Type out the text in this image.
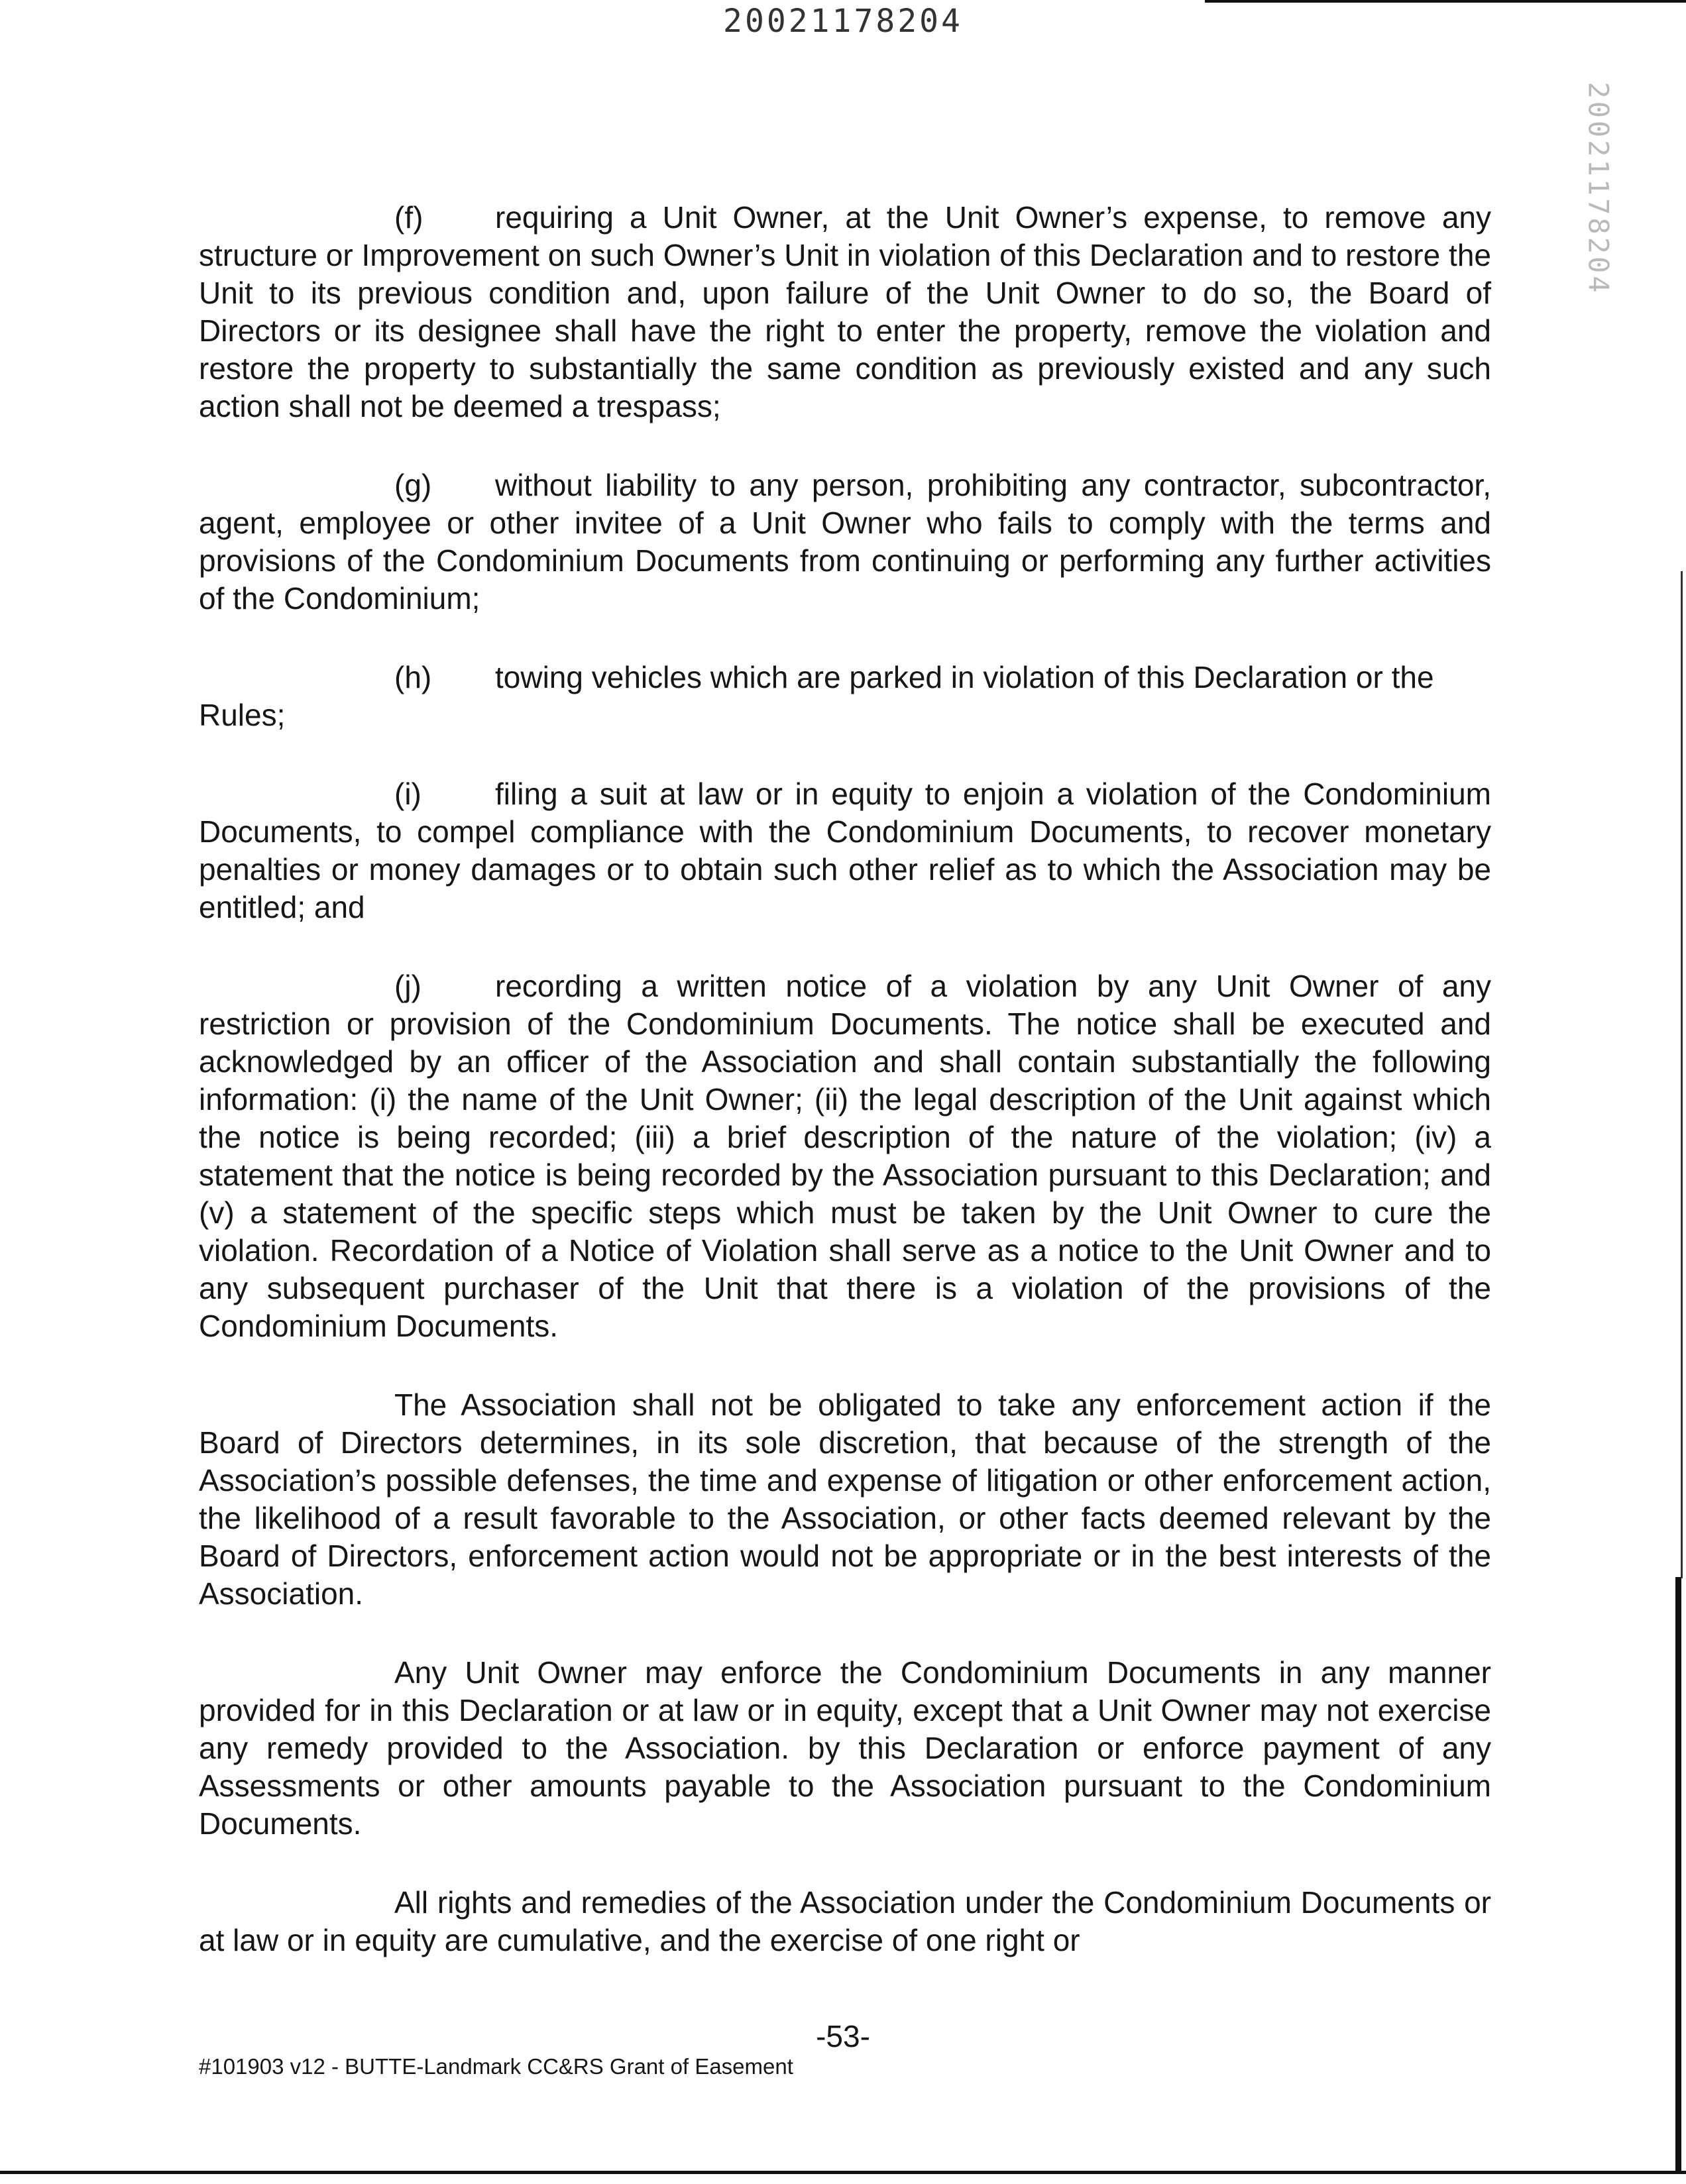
20021178204
20021178204

(f) requiring a Unit Owner, at the Unit Owner’s expense, to remove any structure or Improvement on such Owner’s Unit in violation of this Declaration and to restore the Unit to its previous condition and, upon failure of the Unit Owner to do so, the Board of Directors or its designee shall have the right to enter the property, remove the violation and restore the property to substantially the same condition as previously existed and any such action shall not be deemed a trespass;

(g) without liability to any person, prohibiting any contractor, subcontractor, agent, employee or other invitee of a Unit Owner who fails to comply with the terms and provisions of the Condominium Documents from continuing or performing any further activities of the Condominium;

(h) towing vehicles which are parked in violation of this Declaration or the Rules;

(i) filing a suit at law or in equity to enjoin a violation of the Condominium Documents, to compel compliance with the Condominium Documents, to recover monetary penalties or money damages or to obtain such other relief as to which the Association may be entitled; and

(j) recording a written notice of a violation by any Unit Owner of any restriction or provision of the Condominium Documents. The notice shall be executed and acknowledged by an officer of the Association and shall contain substantially the following information: (i) the name of the Unit Owner; (ii) the legal description of the Unit against which the notice is being recorded; (iii) a brief description of the nature of the violation; (iv) a statement that the notice is being recorded by the Association pursuant to this Declaration; and (v) a statement of the specific steps which must be taken by the Unit Owner to cure the violation. Recordation of a Notice of Violation shall serve as a notice to the Unit Owner and to any subsequent purchaser of the Unit that there is a violation of the provisions of the Condominium Documents.

The Association shall not be obligated to take any enforcement action if the Board of Directors determines, in its sole discretion, that because of the strength of the Association’s possible defenses, the time and expense of litigation or other enforcement action, the likelihood of a result favorable to the Association, or other facts deemed relevant by the Board of Directors, enforcement action would not be appropriate or in the best interests of the Association.

Any Unit Owner may enforce the Condominium Documents in any manner provided for in this Declaration or at law or in equity, except that a Unit Owner may not exercise any remedy provided to the Association. by this Declaration or enforce payment of any Assessments or other amounts payable to the Association pursuant to the Condominium Documents.

All rights and remedies of the Association under the Condominium Documents or at law or in equity are cumulative, and the exercise of one right or

-53-
#101903 v12 - BUTTE-Landmark CC&RS Grant of Easement
